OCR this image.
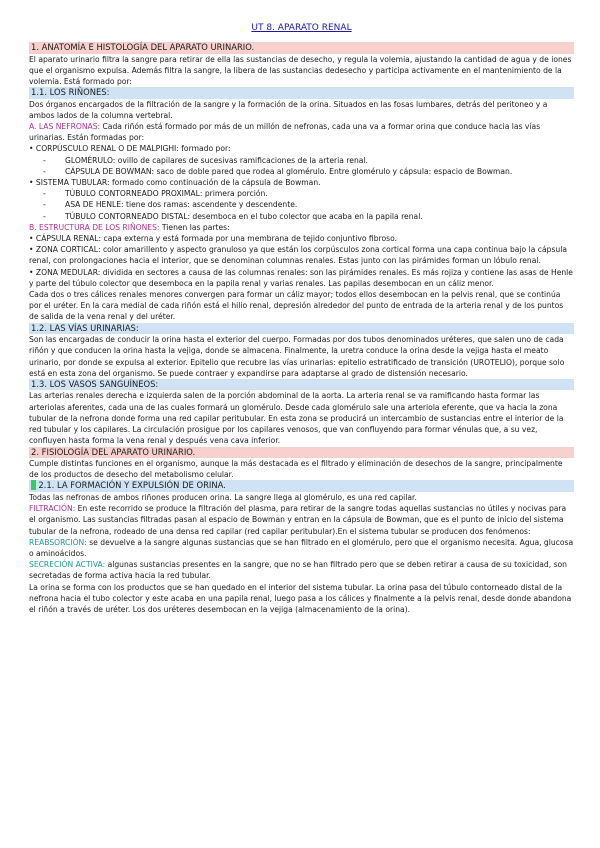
UT 8. APARATO RENAL
1. ANATOMÍA E HISTOLOGÍA DEL APARATO URINARIO.

El aparato urinario filtra la sangre para retirar de ella las sustancias de desecho, y regula la volemia, ajustando la cantidad de agua y de iones que el organismo expulsa. Además filtra la sangre, la libera de las sustancias dedesecho y participa activamente en el mantenimiento de la volemia. Está formado por:

1.1. LOS RIÑONES:

Dos órganos encargados de la filtración de la sangre y la formación de la orina. Situados en las fosas lumbares, detrás del peritoneo y a ambos lados de la columna vertebral.

A. LAS NEFRONAS: Cada riñón está formado por más de un millón de nefronas, cada una va a formar orina que conduce hacia las vías urinarias. Están formadas por:

• CORPÚSCULO RENAL O DE MALPIGHI: formado por:

-	GLOMÉRULO: ovillo de capilares de sucesivas ramificaciones de la arteria renal.

-	CÁPSULA DE BOWMAN: saco de doble pared que rodea al glomérulo. Entre glomérulo y cápsula: espacio de Bowman.

• SISTEMA TUBULAR: formado como continuación de la cápsula de Bowman.

-	TÚBULO CONTORNEADO PROXIMAL: primera porción.

-	ASA DE HENLE: tiene dos ramas: ascendente y descendente.

-	TÚBULO CONTORNEADO DISTAL: desemboca en el tubo colector que acaba en la papila renal.

B. ESTRUCTURA DE LOS RIÑONES: Tienen las partes:

• CÁPSULA RENAL: capa externa y está formada por una membrana de tejido conjuntivo fibroso.

• ZONA CORTICAL: color amarillento y aspecto granuloso ya que están los corpúsculos zona cortical forma una capa continua bajo la cápsula renal, con prolongaciones hacia el interior, que se denominan columnas renales. Estas junto con las pirámides forman un lóbulo renal.

• ZONA MEDULAR: dividida en sectores a causa de las columnas renales: son las pirámides renales. Es más rojiza y contiene las asas de Henle y parte del túbulo colector que desemboca en la papila renal y varias renales. Las papilas desembocan en un cáliz menor.

Cada dos o tres cálices renales menores convergen para formar un cáliz mayor; todos ellos desembocan en la pelvis renal, que se continúa por el uréter. En la cara medial de cada riñón está el hilio renal, depresión alrededor del punto de entrada de la arteria renal y de los puntos de salida de la vena renal y del uréter.

1.2. LAS VÍAS URINARIAS:

Son las encargadas de conducir la orina hasta el exterior del cuerpo. Formadas por dos tubos denominados uréteres, que salen uno de cada riñón y que conducen la orina hasta la vejiga, donde se almacena. Finalmente, la uretra conduce la orina desde la vejiga hasta el meato urinario, por donde se expulsa al exterior. Epitelio que recubre las vías urinarias: epitelio estratificado de transición (UROTELIO), porque solo está en esta zona del organismo. Se puede contraer y expandirse para adaptarse al grado de distensión necesario.

1.3. LOS VASOS SANGUÍNEOS:

Las arterias renales derecha e izquierda salen de la porción abdominal de la aorta. La arteria renal se va ramificando hasta formar las arteriolas aferentes, cada una de las cuales formará un glomérulo. Desde cada glomérulo sale una arteriola eferente, que va hacia la zona tubular de la nefrona donde forma una red capilar peritubular. En esta zona se producirá un intercambio de sustancias entre el interior de la red tubular y los capilares. La circulación prosigue por los capilares venosos, que van confluyendo para formar vénulas que, a su vez, confluyen hasta forma la vena renal y después vena cava inferior.

2. FISIOLOGÍA DEL APARATO URINARIO.

Cumple distintas funciones en el organismo, aunque la más destacada es el filtrado y eliminación de desechos de la sangre, principalmente de los productos de desecho del metabolismo celular.

2.1. LA FORMACIÓN Y EXPULSIÓN DE ORINA.

Todas las nefronas de ambos riñones producen orina. La sangre llega al glomérulo, es una red capilar.

FILTRACIÓN: En este recorrido se produce la filtración del plasma, para retirar de la sangre todas aquellas sustancias no útiles y nocivas para el organismo. Las sustancias filtradas pasan al espacio de Bowman y entran en la cápsula de Bowman, que es el punto de inicio del sistema tubular de la nefrona, rodeado de una densa red capilar (red capilar peritubular).En el sistema tubular se producen dos fenómenos:

REABSORCIÓN: se devuelve a la sangre algunas sustancias que se han filtrado en el glomérulo, pero que el organismo necesita. Agua, glucosa o aminoácidos.

SECRECIÓN ACTIVA: algunas sustancias presentes en la sangre, que no se han filtrado pero que se deben retirar a causa de su toxicidad, son secretadas de forma activa hacia la red tubular.

La orina se forma con los productos que se han quedado en el interior del sistema tubular. La orina pasa del túbulo contorneado distal de la nefrona hacia el tubo colector y este acaba en una papila renal, luego pasa a los cálices y finalmente a la pelvis renal, desde donde abandona el riñón a través de uréter. Los dos uréteres desembocan en la vejiga (almacenamiento de la orina).
